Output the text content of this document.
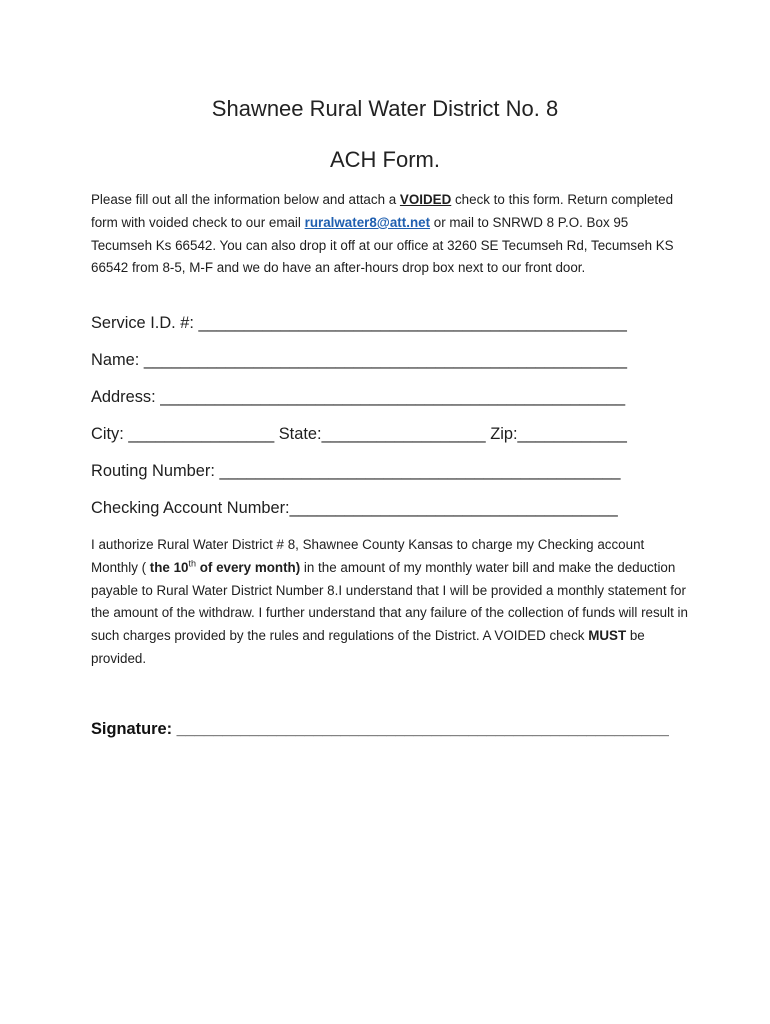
Shawnee Rural Water District No. 8
ACH Form.
Please fill out all the information below and attach a VOIDED check to this form. Return completed form with voided check to our email ruralwater8@att.net or mail to SNRWD 8 P.O. Box 95 Tecumseh Ks 66542. You can also drop it off at our office at 3260 SE Tecumseh Rd, Tecumseh KS 66542 from 8-5, M-F and we do have an after-hours drop box next to our front door.
Service I.D. #: _______________________________________________
Name: _____________________________________________________
Address: ___________________________________________________
City: ________________ State:__________________ Zip:____________
Routing Number: ____________________________________________
Checking Account Number:____________________________________
I authorize Rural Water District # 8, Shawnee County Kansas to charge my Checking account Monthly ( the 10th of every month) in the amount of my monthly water bill and make the deduction payable to Rural Water District Number 8.I understand that I will be provided a monthly statement for the amount of the withdraw. I further understand that any failure of the collection of funds will result in such charges provided by the rules and regulations of the District. A VOIDED check MUST be provided.
Signature: ______________________________________________________
